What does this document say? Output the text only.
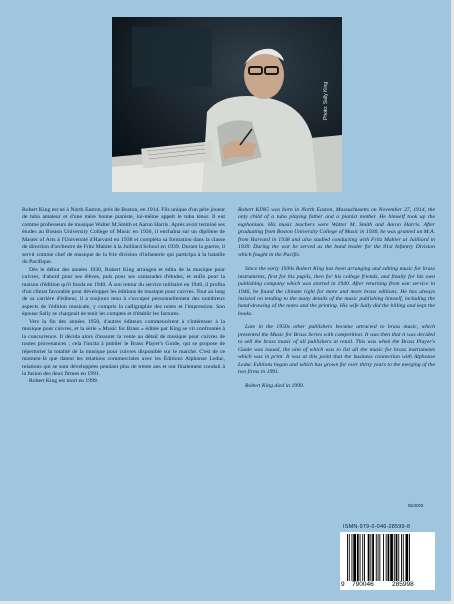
Photo: Sally King

Robert King est né à North Easton, près de Boston, en 1914. Fils unique d'un père joueur de tuba amateur et d'une mère bonne pianiste, lui-même appelt le tuba ténor. Il eut comme professeurs de musique Walter M.Smith et Aaron Harris. Après avoir terminé ses études au Boston University College of Music en 1936, il enchaîna sur un diplôme de Master of Arts à l'Université d'Harvard en 1938 et compléta sa formation dans la classe de direction d'orchestre de Fritz Mahler à la Juilliard School en 1939. Durant la guerre, il servit comme chef de musique de la 81e division d'infanterie qui participa à la bataille du Pacifique.

Dès le début des années 1930, Robert King arrangea et édita de la musique pour cuivres, d'abord pour ses élèves, puis pour ses camarades d'études, et enfin pour la maison d'édition qu'il fonda en 1940. À son retour du service militaire en 1946, il profita d'un climat favorable pour développer les éditions de musique pour cuivres. Tout au long de sa carrière d'éditeur, il a toujours tenu à s'occuper personnellement des nombreux aspects de l'édition musicale, y compris la calligraphie des notes et l'impression. Son épouse Sally se chargeait de tenir les comptes et d'établir les factures.

Vers la fin des années 1950, d'autres éditeurs commencèrent à s'intéresser à la musique pour cuivres, et la série « Music for Brass » éditée par King se vit confrontée à la concurrence. Il décida alors d'assurer la vente au détail de musique pour cuivres de toutes provenances ; cela l'incita à publier le Brass Player's Guide, qui se propose de répertorier la totalité de la musique pour cuivres disponible sur le marché. C'est de ce moment-là que datent les relations commerciales avec les Éditions Alphonse Leduc, relations qui se sont développées pendant plus de trente ans et ont finalement conduit à la fusion des deux firmes en 1991.

Robert King est mort en 1999.

Robert KING was born in North Easton, Massachusetts on November 27, 1914, the only child of a tuba playing father and a pianist mother. He himself took up the euphonium. His music teachers were Walter M. Smith and Aaron Harris. After graduating from Boston University College of Music in 1936, he was granted an M.A. from Harvard in 1938 and also studied conducting with Fritz Mahler at Juilliard in 1939. During the war he served as the band leader for the 81st Infantry Division which fought in the Pacific.

Since the early 1930s Robert King has been arranging and editing music for brass instruments, first for his pupils, then for his college friends, and finally for his own publishing company which was started in 1940. After returning from war service in 1946, he found the climate right for more and more brass editions. He has always insisted on tending to the many details of the music publishing himself, including the hand-drawing of the notes and the printing. His wife Sally did the billing and kept the books.

Late in the 1950s other publishers became attracted to brass music, which presented the Music for Brass Series with competition. It was then that it was decided to sell the brass music of all publishers at retail. This was when the Brass Player's Guide was issued, the aim of which was to list all the music for brass instruments which was in print. It was at this point that the business connection with Alphonse Leduc Editions began and which has grown for over thirty years to the merging of the two firms in 1991.

Robert King died in 1999.

05/2003
ISMN-979-0-046-28599-8
9 790046	285998
